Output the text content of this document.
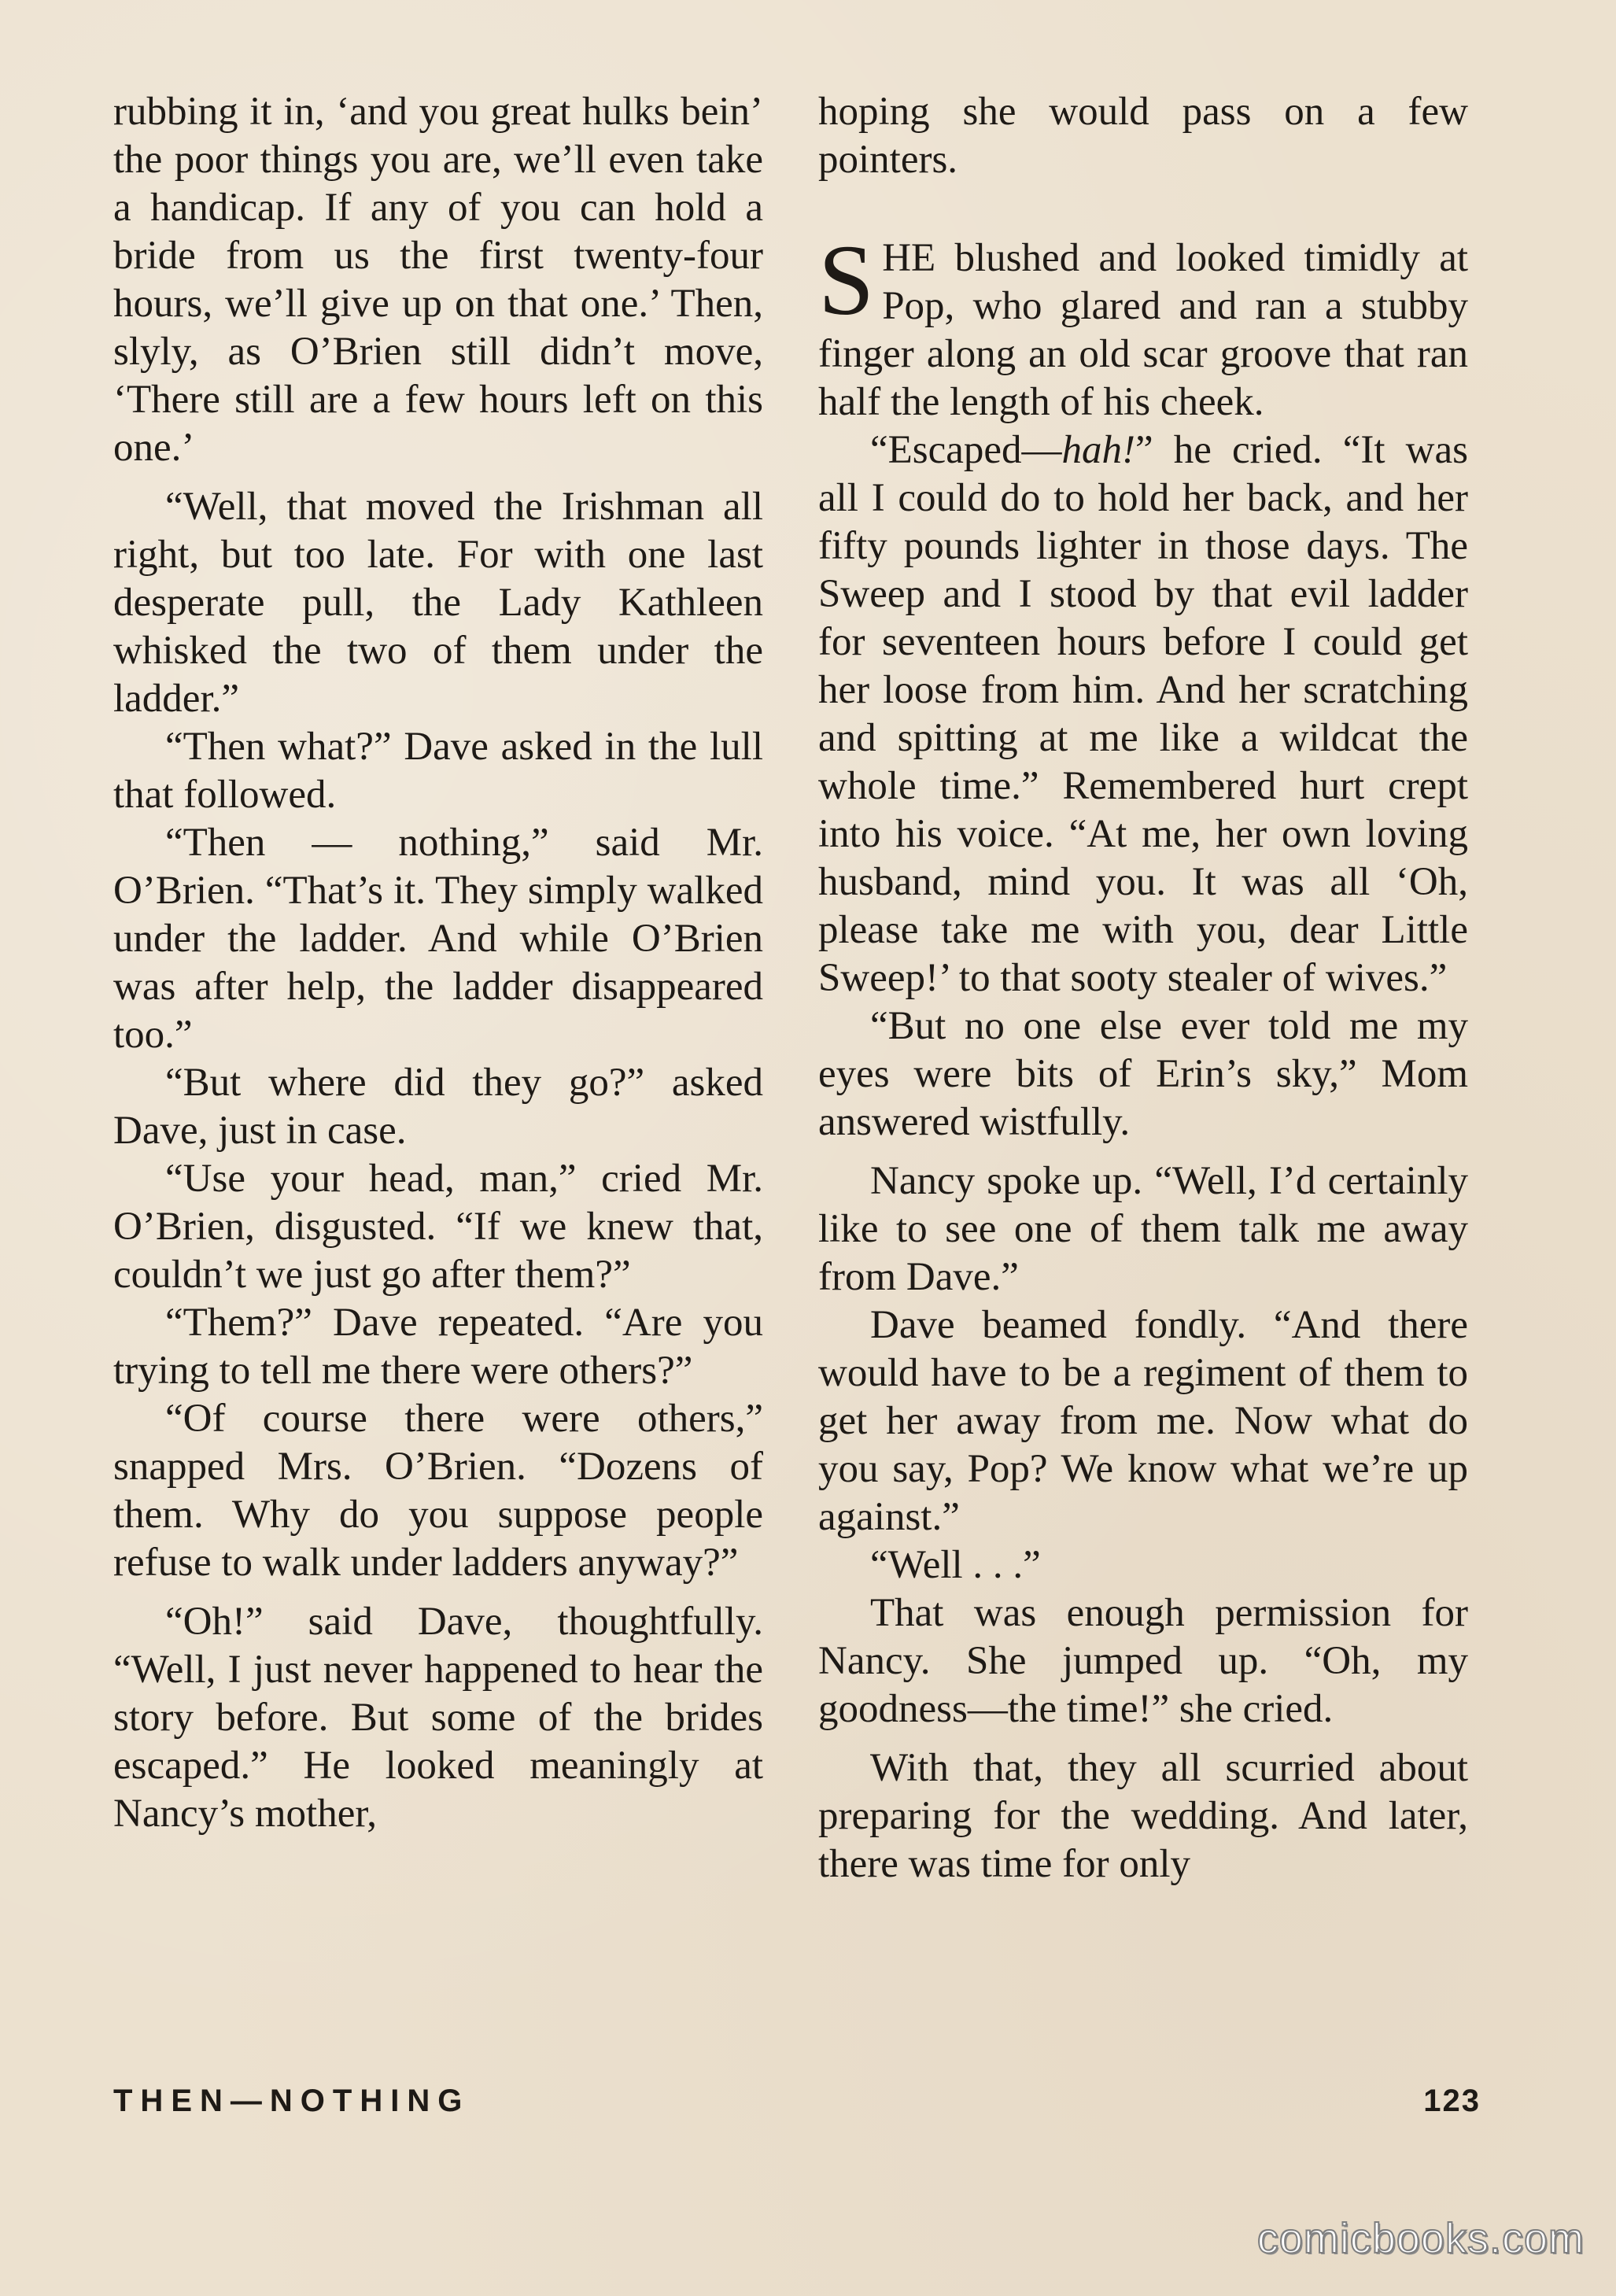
rubbing it in, ‘and you great hulks bein’ the poor things you are, we’ll even take a handicap. If any of you can hold a bride from us the first twenty-four hours, we’ll give up on that one.’ Then, slyly, as O’Brien still didn’t move, ‘There still are a few hours left on this one.’

“Well, that moved the Irishman all right, but too late. For with one last desperate pull, the Lady Kathleen whisked the two of them under the ladder.”

“Then what?” Dave asked in the lull that followed.

“Then — nothing,” said Mr. O’Brien. “That’s it. They simply walked under the ladder. And while O’Brien was after help, the ladder disappeared too.”

“But where did they go?” asked Dave, just in case.

“Use your head, man,” cried Mr. O’Brien, disgusted. “If we knew that, couldn’t we just go after them?”

“Them?” Dave repeated. “Are you trying to tell me there were others?”

“Of course there were others,” snapped Mrs. O’Brien. “Dozens of them. Why do you suppose people refuse to walk under ladders anyway?”

“Oh!” said Dave, thoughtfully. “Well, I just never happened to hear the story before. But some of the brides escaped.” He looked meaningly at Nancy’s mother,

hoping she would pass on a few pointers.

SHE blushed and looked timidly at Pop, who glared and ran a stubby finger along an old scar groove that ran half the length of his cheek.

“Escaped—hah!” he cried. “It was all I could do to hold her back, and her fifty pounds lighter in those days. The Sweep and I stood by that evil ladder for seventeen hours before I could get her loose from him. And her scratching and spitting at me like a wildcat the whole time.” Remembered hurt crept into his voice. “At me, her own loving husband, mind you. It was all ‘Oh, please take me with you, dear Little Sweep!’ to that sooty stealer of wives.”

“But no one else ever told me my eyes were bits of Erin’s sky,” Mom answered wistfully.

Nancy spoke up. “Well, I’d certainly like to see one of them talk me away from Dave.”

Dave beamed fondly. “And there would have to be a regiment of them to get her away from me. Now what do you say, Pop? We know what we’re up against.”

“Well . . .”

That was enough permission for Nancy. She jumped up. “Oh, my goodness—the time!” she cried.

With that, they all scurried about preparing for the wedding. And later, there was time for only

THEN—NOTHING	123
comicbooks.com
